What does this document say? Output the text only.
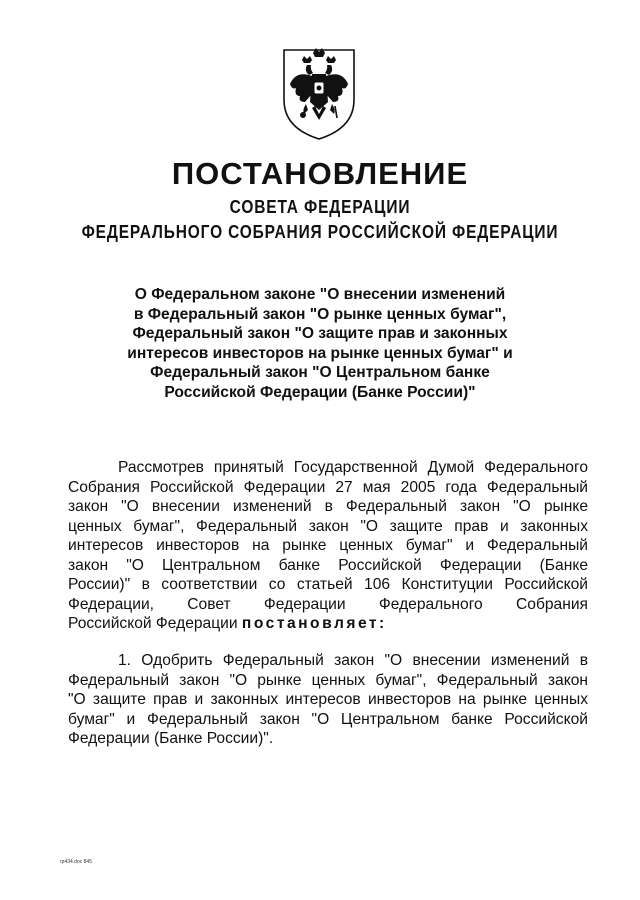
ПОСТАНОВЛЕНИЕ
СОВЕТА ФЕДЕРАЦИИ
ФЕДЕРАЛЬНОГО СОБРАНИЯ РОССИЙСКОЙ ФЕДЕРАЦИИ
О Федеральном законе "О внесении изменений
в Федеральный закон "О рынке ценных бумаг",
Федеральный закон "О защите прав и законных
интересов инвесторов на рынке ценных бумаг" и
Федеральный закон "О Центральном банке
Российской Федерации (Банке России)"
Рассмотрев принятый Государственной Думой Федерального
Собрания Российской Федерации 27 мая 2005 года Федеральный
закон "О внесении изменений в Федеральный закон "О рынке
ценных бумаг", Федеральный закон "О защите прав и законных
интересов инвесторов на рынке ценных бумаг" и Федеральный
закон "О Центральном банке Российской Федерации (Банке
России)" в соответствии со статьей 106 Конституции Российской
Федерации, Совет Федерации Федерального Собрания
Российской Федерации постановляет:
1. Одобрить Федеральный закон "О внесении изменений в
Федеральный закон "О рынке ценных бумаг", Федеральный закон
"О защите прав и законных интересов инвесторов на рынке ценных
бумаг" и Федеральный закон "О Центральном банке Российской
Федерации (Банке России)".
rp434.doc 845
